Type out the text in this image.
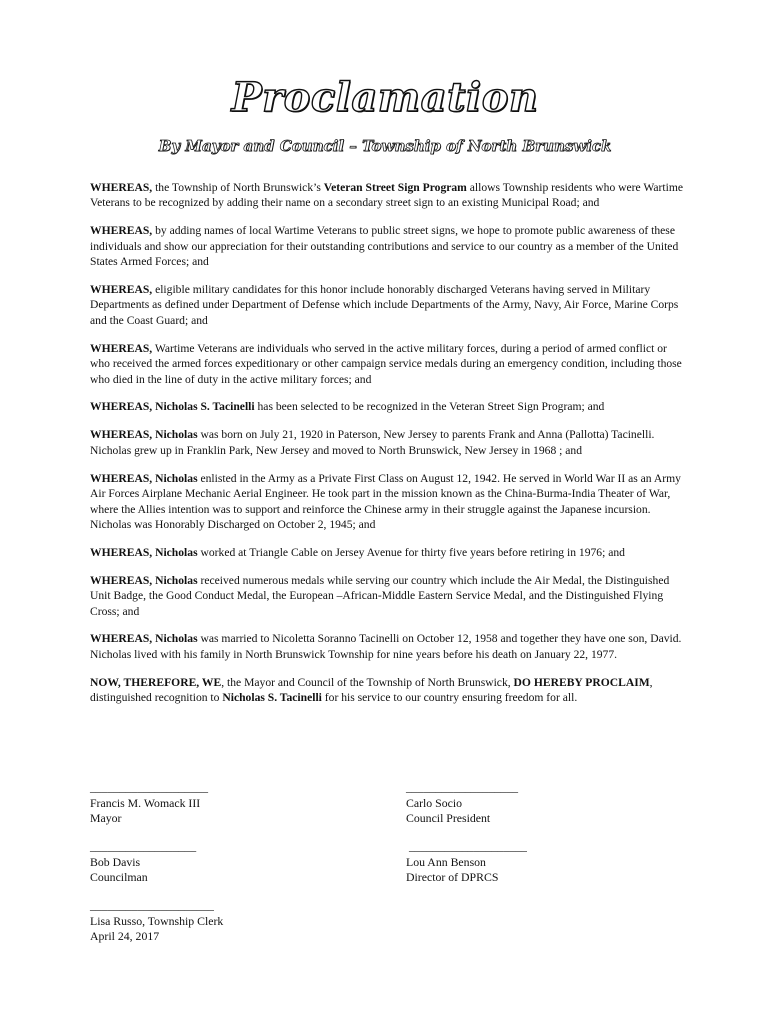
Proclamation
By Mayor and Council – Township of North Brunswick

WHEREAS, the Township of North Brunswick’s Veteran Street Sign Program allows Township residents who were Wartime Veterans to be recognized by adding their name on a secondary street sign to an existing Municipal Road; and

WHEREAS, by adding names of local Wartime Veterans to public street signs, we hope to promote public awareness of these individuals and show our appreciation for their outstanding contributions and service to our country as a member of the United States Armed Forces; and

WHEREAS, eligible military candidates for this honor include honorably discharged Veterans having served in Military Departments as defined under Department of Defense which include Departments of the Army, Navy, Air Force, Marine Corps and the Coast Guard; and

WHEREAS, Wartime Veterans are individuals who served in the active military forces, during a period of armed conflict or who received the armed forces expeditionary or other campaign service medals during an emergency condition, including those who died in the line of duty in the active military forces; and

WHEREAS, Nicholas S. Tacinelli has been selected to be recognized in the Veteran Street Sign Program; and

WHEREAS, Nicholas was born on July 21, 1920 in Paterson, New Jersey to parents Frank and Anna (Pallotta) Tacinelli. Nicholas grew up in Franklin Park, New Jersey and moved to North Brunswick, New Jersey in 1968 ; and

WHEREAS, Nicholas enlisted in the Army as a Private First Class on August 12, 1942. He served in World War II as an Army Air Forces Airplane Mechanic Aerial Engineer. He took part in the mission known as the China-Burma-India Theater of War, where the Allies intention was to support and reinforce the Chinese army in their struggle against the Japanese incursion. Nicholas was Honorably Discharged on October 2, 1945; and

WHEREAS, Nicholas worked at Triangle Cable on Jersey Avenue for thirty five years before retiring in 1976; and

WHEREAS, Nicholas received numerous medals while serving our country which include the Air Medal, the Distinguished Unit Badge, the Good Conduct Medal, the European –African-Middle Eastern Service Medal, and the Distinguished Flying Cross; and

WHEREAS, Nicholas was married to Nicoletta Soranno Tacinelli on October 12, 1958 and together they have one son, David. Nicholas lived with his family in North Brunswick Township for nine years before his death on January 22, 1977.

NOW, THEREFORE, WE, the Mayor and Council of the Township of North Brunswick, DO HEREBY PROCLAIM, distinguished recognition to Nicholas S. Tacinelli for his service to our country ensuring freedom for all.

____________________
Francis M. Womack III
Mayor
___________________
Carlo Socio
Council President
__________________
Bob Davis
Councilman
____________________
Lou Ann Benson
Director of DPRCS
_____________________
Lisa Russo, Township Clerk
April 24, 2017
